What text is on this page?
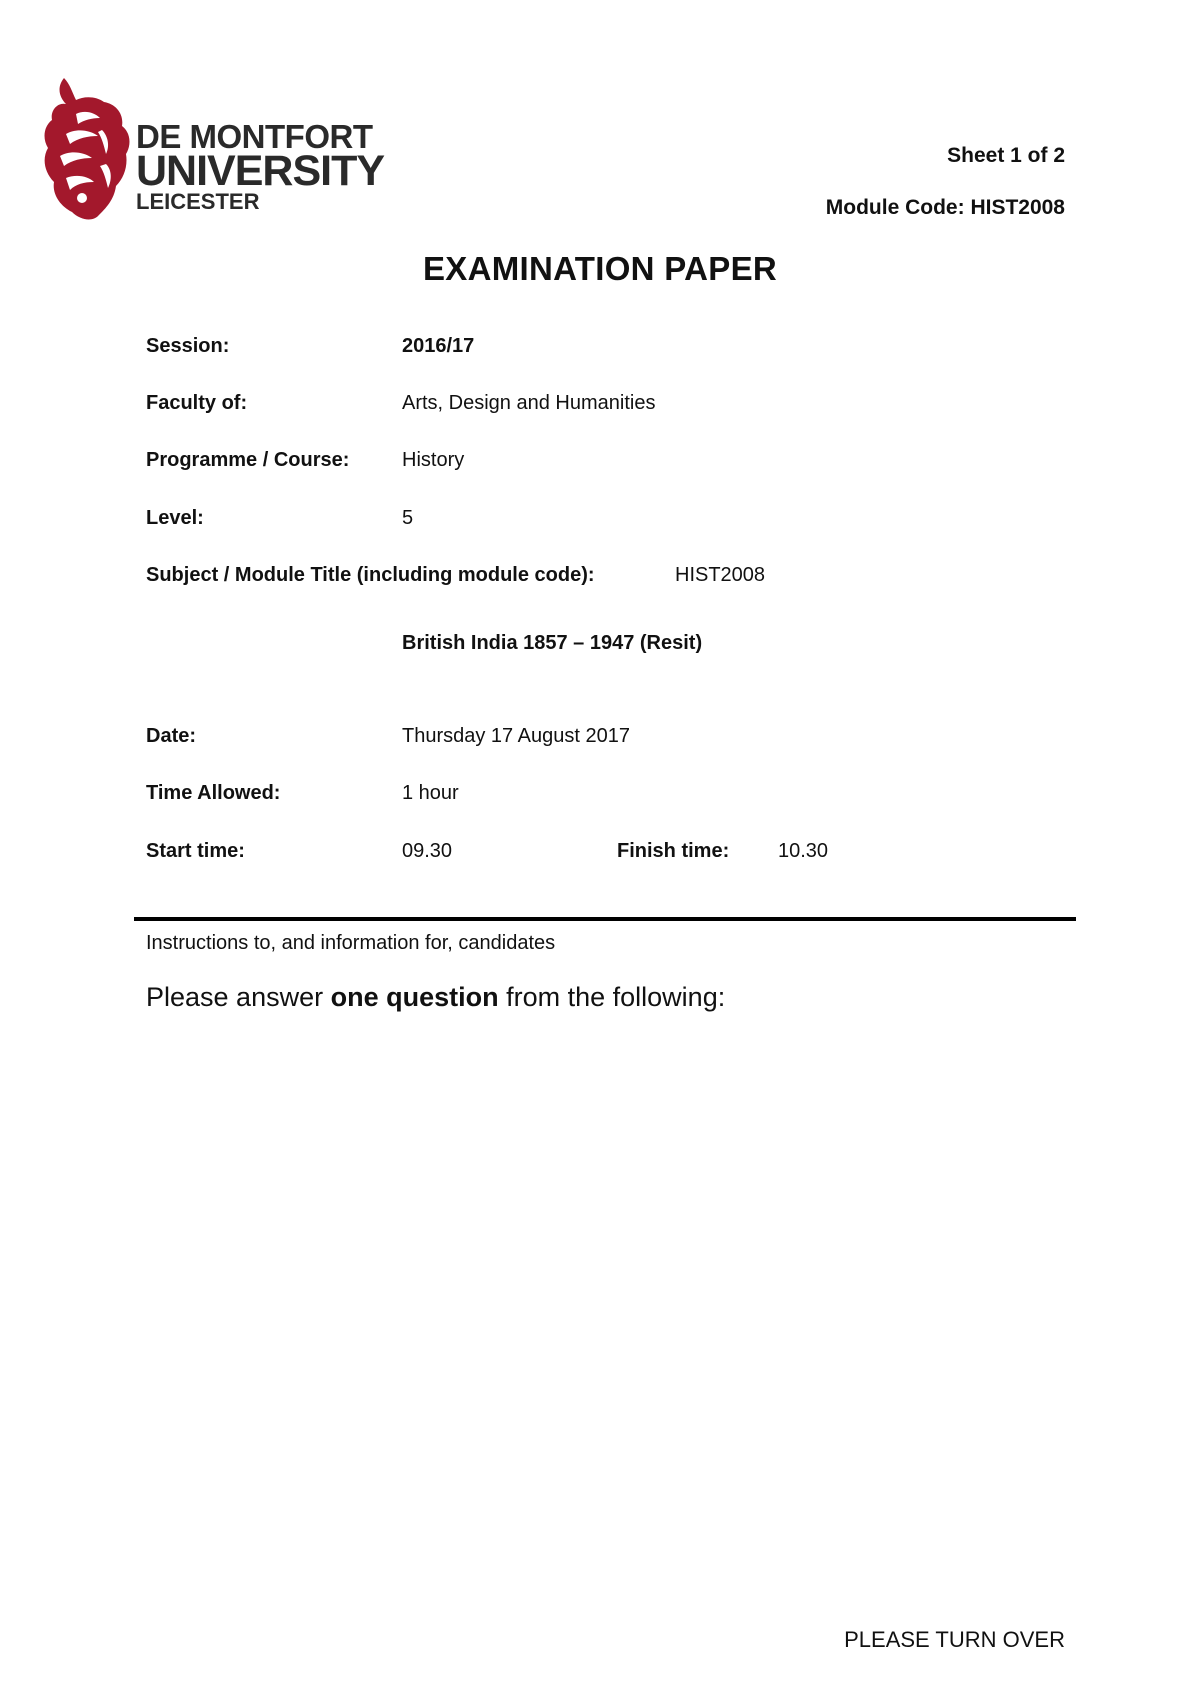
DE MONTFORT
UNIVERSITY
LEICESTER
Sheet 1 of 2
Module Code: HIST2008
EXAMINATION PAPER
Session:	2016/17
Faculty of:	Arts, Design and Humanities
Programme / Course:	History
Level:	5
Subject / Module Title (including module code):	HIST2008
British India 1857 – 1947 (Resit)
Date:	Thursday 17 August 2017
Time Allowed:	1 hour
Start time:	09.30	Finish time: 10.30
Instructions to, and information for, candidates
Please answer one question from the following:
PLEASE TURN OVER
